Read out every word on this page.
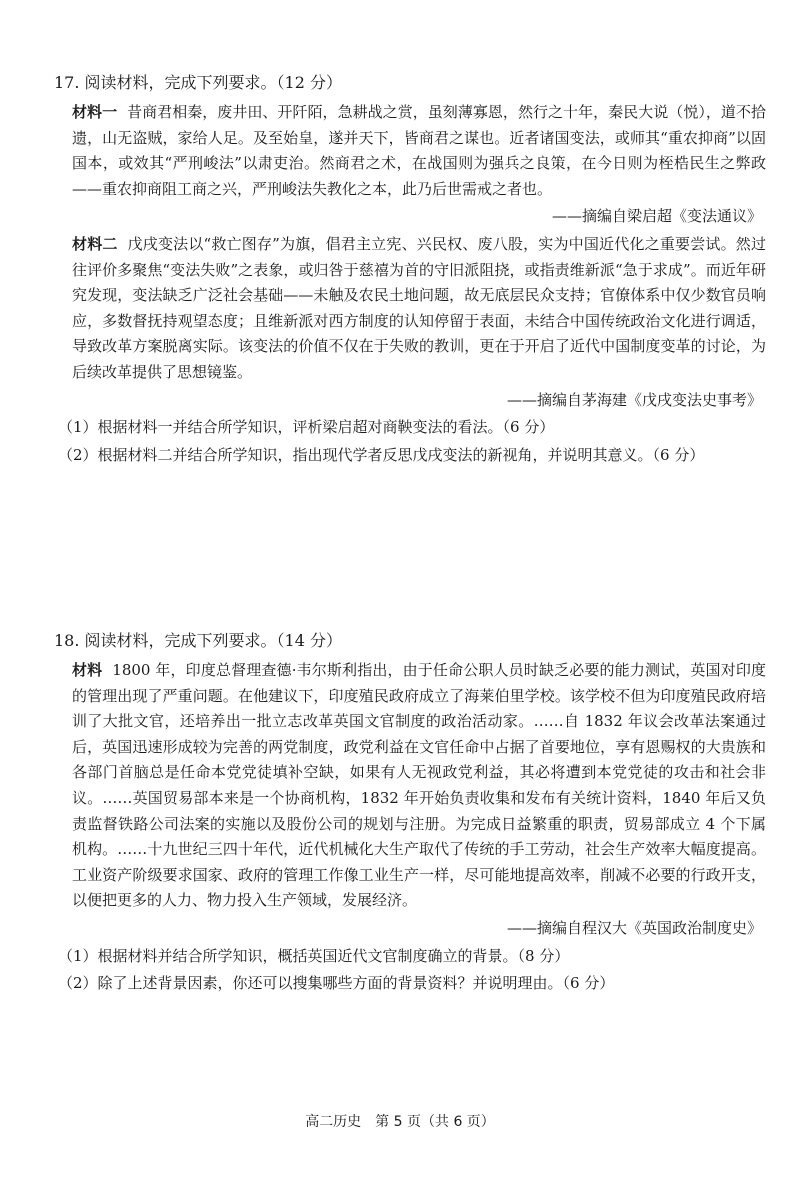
17. 阅读材料，完成下列要求。（12 分）

材料一 昔商君相秦，废井田、开阡陌，急耕战之赏，虽刻薄寡恩，然行之十年，秦民大说（悦），道不拾遗，山无盗贼，家给人足。及至始皇，遂并天下，皆商君之谋也。近者诸国变法，或师其“重农抑商”以固国本，或效其“严刑峻法”以肃吏治。然商君之术，在战国则为强兵之良策，在今日则为桎梏民生之弊政——重农抑商阻工商之兴，严刑峻法失教化之本，此乃后世需戒之者也。

——摘编自梁启超《变法通议》

材料二 戊戌变法以“救亡图存”为旗，倡君主立宪、兴民权、废八股，实为中国近代化之重要尝试。然过往评价多聚焦“变法失败”之表象，或归咎于慈禧为首的守旧派阻挠，或指责维新派“急于求成”。而近年研究发现，变法缺乏广泛社会基础——未触及农民土地问题，故无底层民众支持；官僚体系中仅少数官员响应，多数督抚持观望态度；且维新派对西方制度的认知停留于表面，未结合中国传统政治文化进行调适，导致改革方案脱离实际。该变法的价值不仅在于失败的教训，更在于开启了近代中国制度变革的讨论，为后续改革提供了思想镜鉴。

——摘编自茅海建《戊戌变法史事考》
（1）根据材料一并结合所学知识，评析梁启超对商鞅变法的看法。（6 分）
（2）根据材料二并结合所学知识，指出现代学者反思戊戌变法的新视角，并说明其意义。（6 分）
18. 阅读材料，完成下列要求。（14 分）

材料 1800 年，印度总督理查德·韦尔斯利指出，由于任命公职人员时缺乏必要的能力测试，英国对印度的管理出现了严重问题。在他建议下，印度殖民政府成立了海莱伯里学校。该学校不但为印度殖民政府培训了大批文官，还培养出一批立志改革英国文官制度的政治活动家。……自 1832 年议会改革法案通过后，英国迅速形成较为完善的两党制度，政党利益在文官任命中占据了首要地位，享有恩赐权的大贵族和各部门首脑总是任命本党党徒填补空缺，如果有人无视政党利益，其必将遭到本党党徒的攻击和社会非议。……英国贸易部本来是一个协商机构，1832 年开始负责收集和发布有关统计资料，1840 年后又负责监督铁路公司法案的实施以及股份公司的规划与注册。为完成日益繁重的职责，贸易部成立 4 个下属机构。……十九世纪三四十年代，近代机械化大生产取代了传统的手工劳动，社会生产效率大幅度提高。工业资产阶级要求国家、政府的管理工作像工业生产一样，尽可能地提高效率，削减不必要的行政开支，以便把更多的人力、物力投入生产领域，发展经济。

——摘编自程汉大《英国政治制度史》
（1）根据材料并结合所学知识，概括英国近代文官制度确立的背景。（8 分）
（2）除了上述背景因素，你还可以搜集哪些方面的背景资料？并说明理由。（6 分）
高二历史　第 5 页（共 6 页）
